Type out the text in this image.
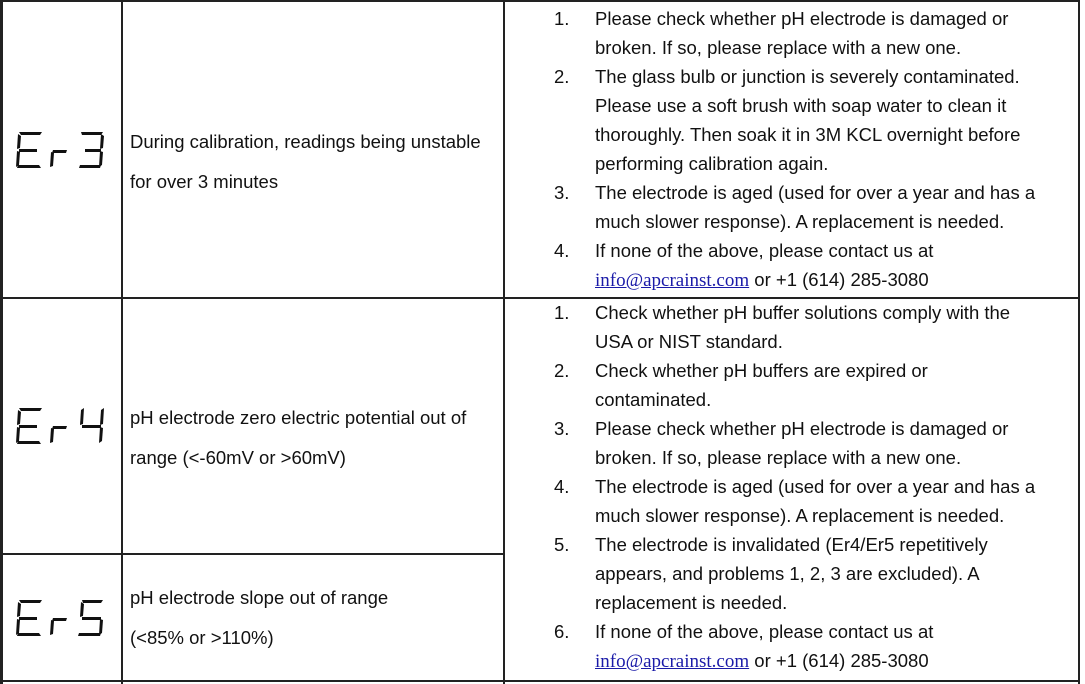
During calibration, readings being unstable
for over 3 minutes
1. Please check whether pH electrode is damaged or
broken. If so, please replace with a new one.
2. The glass bulb or junction is severely contaminated.
Please use a soft brush with soap water to clean it
thoroughly. Then soak it in 3M KCL overnight before
performing calibration again.
3. The electrode is aged (used for over a year and has a
much slower response). A replacement is needed.
4. If none of the above, please contact us at
info@apcrainst.com or +1 (614) 285-3080
pH electrode zero electric potential out of
range (<-60mV or >60mV)
pH electrode slope out of range
(<85% or >110%)
1. Check whether pH buffer solutions comply with the
USA or NIST standard.
2. Check whether pH buffers are expired or
contaminated.
3. Please check whether pH electrode is damaged or
broken. If so, please replace with a new one.
4. The electrode is aged (used for over a year and has a
much slower response). A replacement is needed.
5. The electrode is invalidated (Er4/Er5 repetitively
appears, and problems 1, 2, 3 are excluded). A
replacement is needed.
6. If none of the above, please contact us at
info@apcrainst.com or +1 (614) 285-3080
